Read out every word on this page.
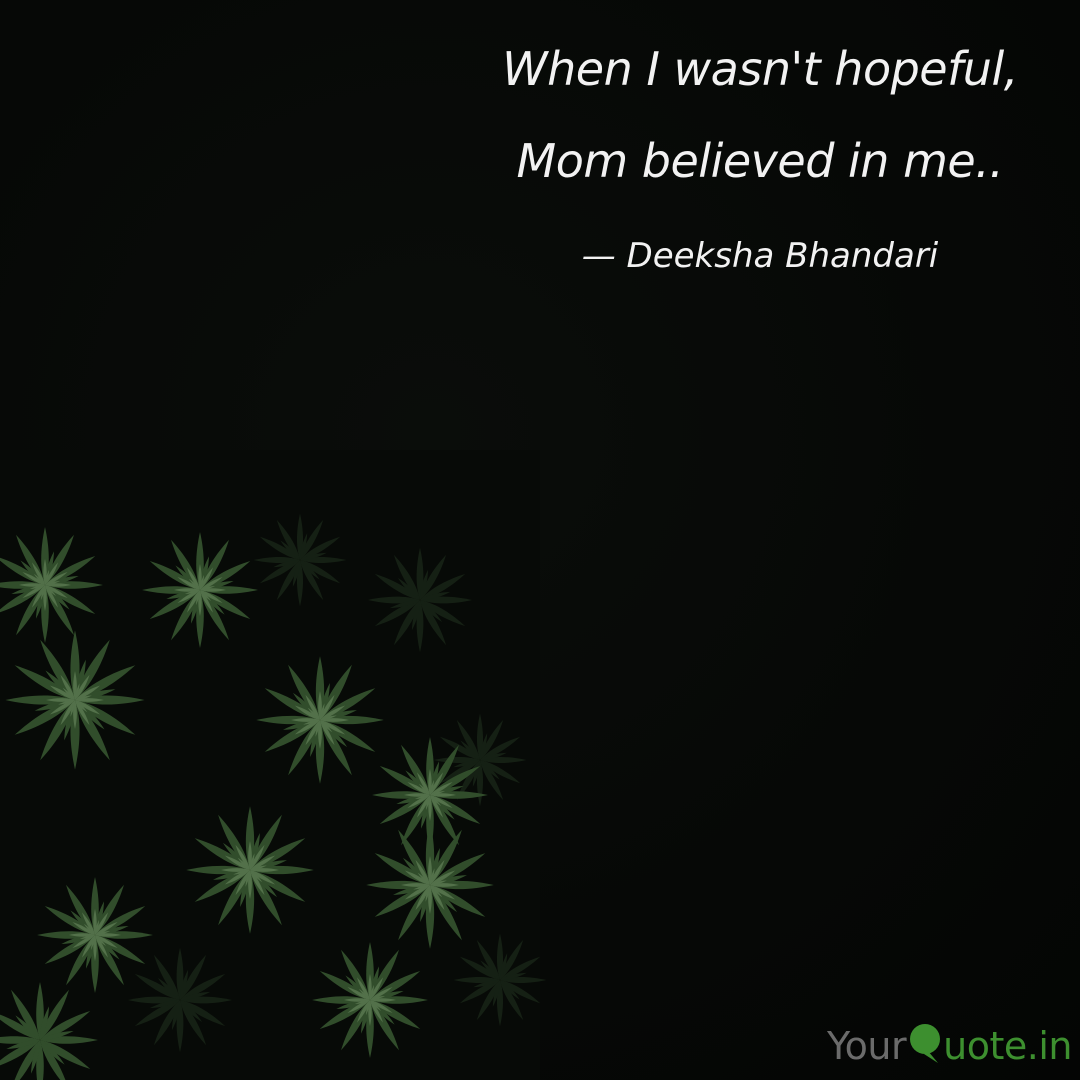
When I wasn't hopeful,
Mom believed in me..
— Deeksha Bhandari
Your uote .in
